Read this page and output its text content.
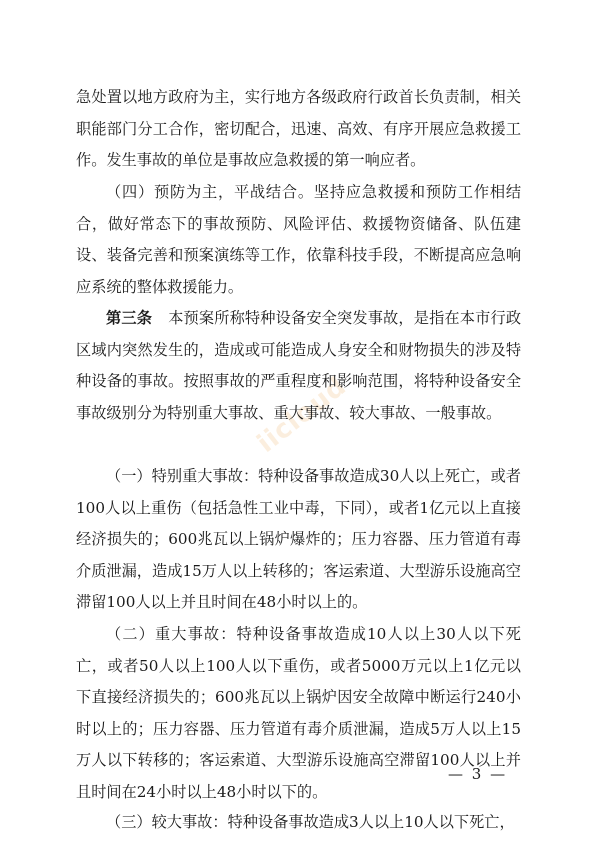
iicloud

急处置以地方政府为主，实行地方各级政府行政首长负责制，相关职能部门分工合作，密切配合，迅速、高效、有序开展应急救援工作。发生事故的单位是事故应急救援的第一响应者。

（四）预防为主，平战结合。坚持应急救援和预防工作相结合，做好常态下的事故预防、风险评估、救援物资储备、队伍建设、装备完善和预案演练等工作，依靠科技手段，不断提高应急响应系统的整体救援能力。

第三条 本预案所称特种设备安全突发事故，是指在本市行政区域内突然发生的，造成或可能造成人身安全和财物损失的涉及特种设备的事故。按照事故的严重程度和影响范围，将特种设备安全事故级别分为特别重大事故、重大事故、较大事故、一般事故。

（一）特别重大事故：特种设备事故造成30人以上死亡，或者100人以上重伤（包括急性工业中毒，下同），或者1亿元以上直接经济损失的；600兆瓦以上锅炉爆炸的；压力容器、压力管道有毒介质泄漏，造成15万人以上转移的；客运索道、大型游乐设施高空滞留100人以上并且时间在48小时以上的。

（二）重大事故：特种设备事故造成10人以上30人以下死亡，或者50人以上100人以下重伤，或者5000万元以上1亿元以下直接经济损失的；600兆瓦以上锅炉因安全故障中断运行240小时以上的；压力容器、压力管道有毒介质泄漏，造成5万人以上15万人以下转移的；客运索道、大型游乐设施高空滞留100人以上并且时间在24小时以上48小时以下的。

（三）较大事故：特种设备事故造成3人以上10人以下死亡，

— 3 —
